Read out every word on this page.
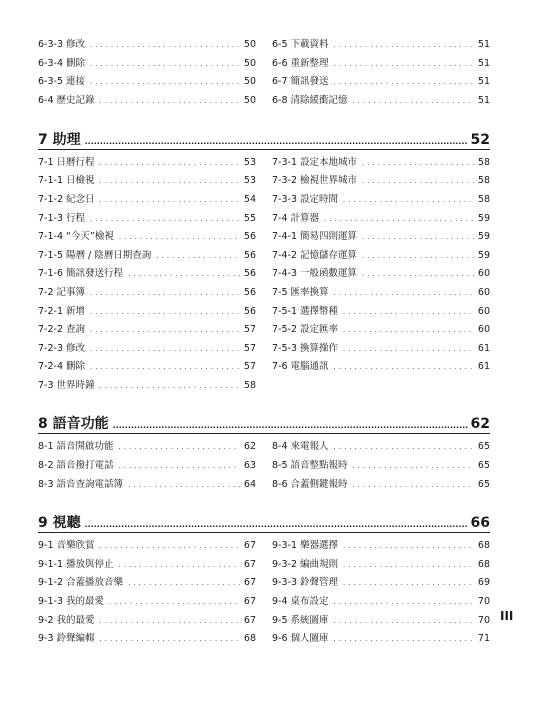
6-3-3 修改 . . .	50
6-3-4 刪除 . . .	50
6-3-5 連接 . . .	50
6-4 歷史記錄 . . .	50
6-5 下載資料 . . .	51
6-6 重新整理 . . .	51
6-7 簡訊發送 . . .	51
6-8 清除緩衝記憶 . . .	51
7 助理 .....	52
7-1 日曆行程 . . .	53
7-1-1 日檢視 . . .	53
7-1-2 紀念日 . . .	54
7-1-3 行程 . . .	55
7-1-4 “今天”檢視 . . .	56
7-1-5 陽曆 / 陰曆日期查詢 . . .	56
7-1-6 簡訊發送行程 . . .	56
7-2 記事簿 . . .	56
7-2-1 新增 . . .	56
7-2-2 查詢 . . .	57
7-2-3 修改 . . .	57
7-2-4 刪除 . . .	57
7-3 世界時鐘 . . .	58
7-3-1 設定本地城市 . . .	58
7-3-2 檢視世界城市 . . .	58
7-3-3 設定時間 . . .	58
7-4 計算器 . . .	59
7-4-1 簡易四則運算 . . .	59
7-4-2 記憶儲存運算 . . .	59
7-4-3 一般函數運算 . . .	60
7-5 匯率換算 . . .	60
7-5-1 選擇幣種 . . .	60
7-5-2 設定匯率 . . .	60
7-5-3 換算操作 . . .	61
7-6 電腦通訊 . . .	61
8 語音功能 .....	62
8-1 語音開啟功能 . . .	62
8-2 語音撥打電話 . . .	63
8-3 語音查詢電話簿 . . .	64
8-4 來電報人 . . .	65
8-5 語音整點報時 . . .	65
8-6 合蓋側鍵報時 . . .	65
9 視聽 .....	66
9-1 音樂欣賞 . . .	67
9-1-1 播放與停止 . . .	67
9-1-2 合蓋播放音樂 . . .	67
9-1-3 我的最愛 . . .	67
9-2 我的最愛 . . .	67
9-3 鈴聲編輯 . . .	68
9-3-1 樂器選擇 . . .	68
9-3-2 編曲規則 . . .	68
9-3-3 鈴聲管理 . . .	69
9-4 桌布設定 . . .	70
9-5 系統圖庫 . . .	70
9-6 個人圖庫 . . .	71
III
